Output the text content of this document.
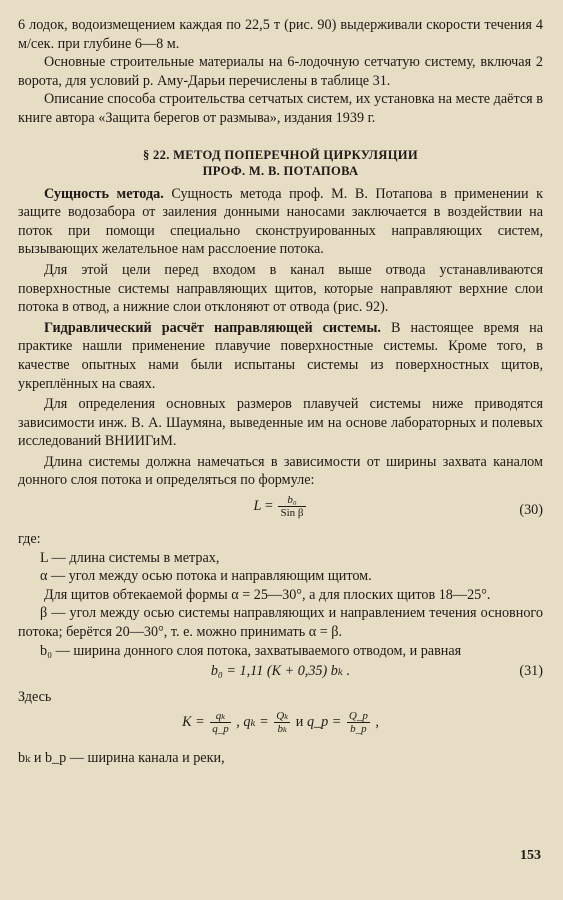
6 лодок, водоизмещением каждая по 22,5 т (рис. 90) выдерживали скорости течения 4 м/сек. при глубине 6—8 м.

Основные строительные материалы на 6-лодочную сетчатую систему, включая 2 ворота, для условий р. Аму-Дарьи перечислены в таблице 31.

Описание способа строительства сетчатых систем, их установка на месте даётся в книге автора «Защита берегов от размыва», издания 1939 г.

§ 22. МЕТОД ПОПЕРЕЧНОЙ ЦИРКУЛЯЦИИ
ПРОФ. М. В. ПОТАПОВА

Сущность метода. Сущность метода проф. М. В. Потапова в применении к защите водозабора от заиления донными наносами заключается в воздействии на поток при помощи специально сконструированных направляющих систем, вызывающих желательное нам расслоение потока.

Для этой цели перед входом в канал выше отвода устанавливаются поверхностные системы направляющих щитов, которые направляют верхние слои потока в отвод, а нижние слои отклоняют от отвода (рис. 92).

Гидравлический расчёт направляющей системы. В настоящее время на практике нашли применение плавучие поверхностные системы. Кроме того, в качестве опытных нами были испытаны системы из поверхностных щитов, укреплённых на сваях.

Для определения основных размеров плавучей системы ниже приводятся зависимости инж. В. А. Шаумяна, выведенные им на основе лабораторных и полевых исследований ВНИИГиМ.

Длина системы должна намечаться в зависимости от ширины захвата каналом донного слоя потока и определяться по формуле:

$L = \frac{\text{b₀}}{\text{Sin β}}$	(30)

где:

L — длина системы в метрах,

α — угол между осью потока и направляющим щитом.

Для щитов обтекаемой формы α = 25—30°, а для плоских щитов 18—25°.

β — угол между осью системы направляющих и направлением течения основного потока; берётся 20—30°, т. е. можно принимать α = β.

b₀ — ширина донного слоя потока, захватываемого отводом, и равная

b₀ = 1,11 (K + 0,35) bₖ .	(31)

Здесь

$K = \frac{\text{qₖ}}{q\_p}$ , $q_k = \frac{\text{Qₖ}}{\text{bₖ}}$ и q_p = $\frac{Q\_p}{b\_p}$ ,

bₖ и b_p — ширина канала и реки,

153
